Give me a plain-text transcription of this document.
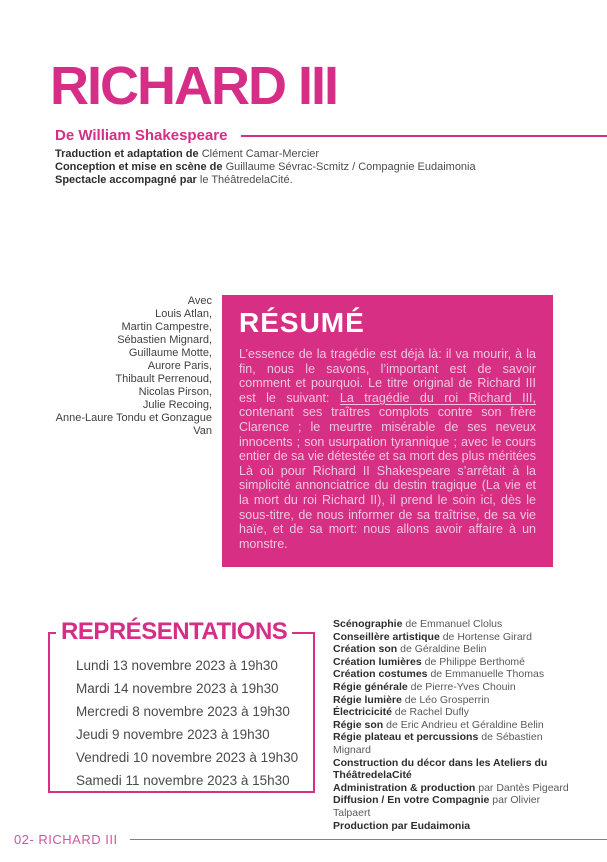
RICHARD III
De William Shakespeare
Traduction et adaptation de Clément Camar-Mercier
Conception et mise en scène de Guillaume Sévrac-Scmitz / Compagnie Eudaimonia
Spectacle accompagné par le ThéâtredelaCité.
Avec
Louis Atlan,
Martin Campestre,
Sébastien Mignard,
Guillaume Motte,
Aurore Paris,
Thibault Perrenoud,
Nicolas Pirson,
Julie Recoing,
Anne-Laure Tondu et Gonzague
Van
RÉSUMÉ

L’essence de la tragédie est déjà là: il va mourir, à la fin, nous le savons, l’important est de savoir comment et pourquoi. Le titre original de Richard III est le suivant: La tragédie du roi Richard III, contenant ses traîtres complots contre son frère Clarence ; le meurtre misérable de ses neveux innocents ; son usurpation tyrannique ; avec le cours entier de sa vie détestée et sa mort des plus méritées Là où pour Richard II Shakespeare s’arrêtait à la simplicité annonciatrice du destin tragique (La vie et la mort du roi Richard II), il prend le soin ici, dès le sous-titre, de nous informer de sa traîtrise, de sa vie haïe, et de sa mort: nous allons avoir affaire à un monstre.

REPRÉSENTATIONS
Lundi 13 novembre 2023 à 19h30
Mardi 14 novembre 2023 à 19h30
Mercredi 8 novembre 2023 à 19h30
Jeudi 9 novembre 2023 à 19h30
Vendredi 10 novembre 2023 à 19h30
Samedi 11 novembre 2023 à 15h30
Scénographie de Emmanuel Clolus
Conseillère artistique de Hortense Girard
Création son de Géraldine Belin
Création lumières de Philippe Berthomé
Création costumes de Emmanuelle Thomas
Régie générale de Pierre-Yves Chouin
Régie lumière de Léo Grosperrin
Électricicité de Rachel Dufly
Régie son de Eric Andrieu et Géraldine Belin
Régie plateau et percussions de Sébastien Mignard
Construction du décor dans les Ateliers du ThéâtredelaCité
Administration & production par Dantès Pigeard
Diffusion / En votre Compagnie par Olivier Talpaert
Production par Eudaimonia
02- RICHARD III
